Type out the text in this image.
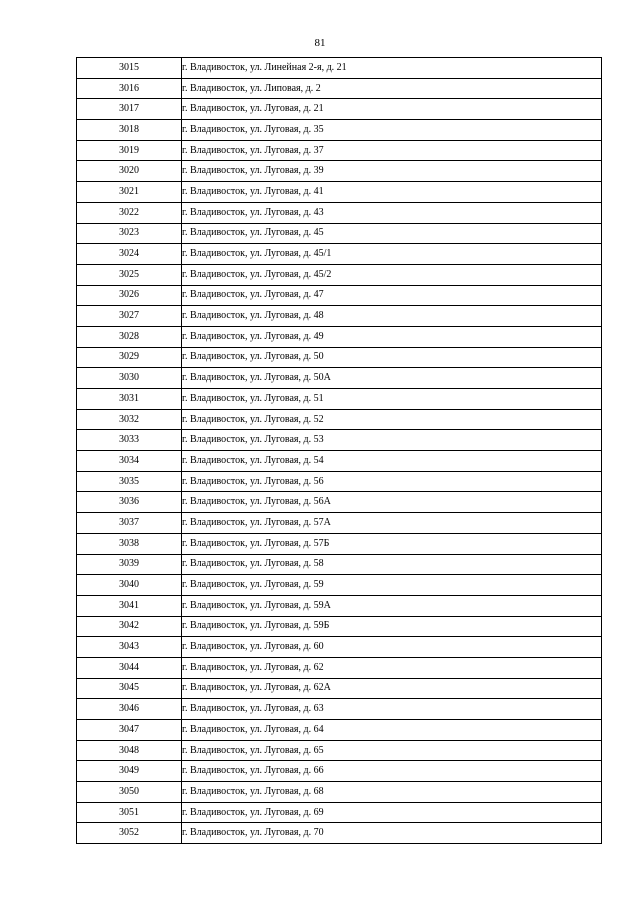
81
3015	г. Владивосток, ул. Линейная 2-я, д. 21
3016	г. Владивосток, ул. Липовая, д. 2
3017	г. Владивосток, ул. Луговая, д. 21
3018	г. Владивосток, ул. Луговая, д. 35
3019	г. Владивосток, ул. Луговая, д. 37
3020	г. Владивосток, ул. Луговая, д. 39
3021	г. Владивосток, ул. Луговая, д. 41
3022	г. Владивосток, ул. Луговая, д. 43
3023	г. Владивосток, ул. Луговая, д. 45
3024	г. Владивосток, ул. Луговая, д. 45/1
3025	г. Владивосток, ул. Луговая, д. 45/2
3026	г. Владивосток, ул. Луговая, д. 47
3027	г. Владивосток, ул. Луговая, д. 48
3028	г. Владивосток, ул. Луговая, д. 49
3029	г. Владивосток, ул. Луговая, д. 50
3030	г. Владивосток, ул. Луговая, д. 50А
3031	г. Владивосток, ул. Луговая, д. 51
3032	г. Владивосток, ул. Луговая, д. 52
3033	г. Владивосток, ул. Луговая, д. 53
3034	г. Владивосток, ул. Луговая, д. 54
3035	г. Владивосток, ул. Луговая, д. 56
3036	г. Владивосток, ул. Луговая, д. 56А
3037	г. Владивосток, ул. Луговая, д. 57А
3038	г. Владивосток, ул. Луговая, д. 57Б
3039	г. Владивосток, ул. Луговая, д. 58
3040	г. Владивосток, ул. Луговая, д. 59
3041	г. Владивосток, ул. Луговая, д. 59А
3042	г. Владивосток, ул. Луговая, д. 59Б
3043	г. Владивосток, ул. Луговая, д. 60
3044	г. Владивосток, ул. Луговая, д. 62
3045	г. Владивосток, ул. Луговая, д. 62А
3046	г. Владивосток, ул. Луговая, д. 63
3047	г. Владивосток, ул. Луговая, д. 64
3048	г. Владивосток, ул. Луговая, д. 65
3049	г. Владивосток, ул. Луговая, д. 66
3050	г. Владивосток, ул. Луговая, д. 68
3051	г. Владивосток, ул. Луговая, д. 69
3052	г. Владивосток, ул. Луговая, д. 70
